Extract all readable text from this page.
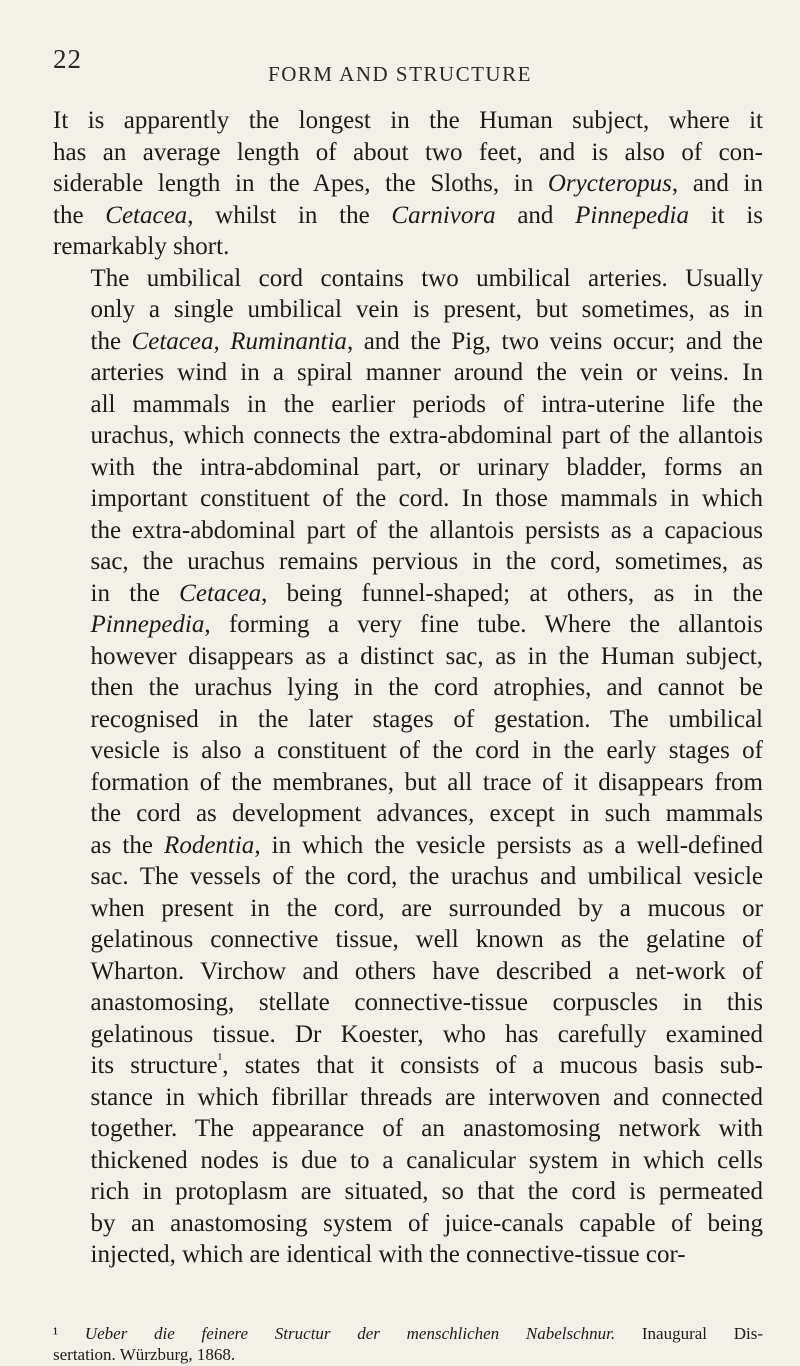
22	FORM AND STRUCTURE

It is apparently the longest in the Human subject, where it
has an average length of about two feet, and is also of con-
siderable length in the Apes, the Sloths, in Orycteropus, and in
the Cetacea, whilst in the Carnivora and Pinnepedia it is
remarkably short.

The umbilical cord contains two umbilical arteries. Usually
only a single umbilical vein is present, but sometimes, as in
the Cetacea, Ruminantia, and the Pig, two veins occur; and the
arteries wind in a spiral manner around the vein or veins. In
all mammals in the earlier periods of intra-uterine life the
urachus, which connects the extra-abdominal part of the allantois
with the intra-abdominal part, or urinary bladder, forms an
important constituent of the cord. In those mammals in which
the extra-abdominal part of the allantois persists as a capacious
sac, the urachus remains pervious in the cord, sometimes, as
in the Cetacea, being funnel-shaped; at others, as in the
Pinnepedia, forming a very fine tube. Where the allantois
however disappears as a distinct sac, as in the Human subject,
then the urachus lying in the cord atrophies, and cannot be
recognised in the later stages of gestation. The umbilical
vesicle is also a constituent of the cord in the early stages of
formation of the membranes, but all trace of it disappears from
the cord as development advances, except in such mammals
as the Rodentia, in which the vesicle persists as a well-defined
sac. The vessels of the cord, the urachus and umbilical vesicle
when present in the cord, are surrounded by a mucous or
gelatinous connective tissue, well known as the gelatine of
Wharton. Virchow and others have described a net-work of
anastomosing, stellate connective-tissue corpuscles in this
gelatinous tissue. Dr Koester, who has carefully examined
its structure$^{^1}$, states that it consists of a mucous basis sub-
stance in which fibrillar threads are interwoven and connected
together. The appearance of an anastomosing network with
thickened nodes is due to a canalicular system in which cells
rich in protoplasm are situated, so that the cord is permeated
by an anastomosing system of juice-canals capable of being
injected, which are identical with the connective-tissue cor-

¹ Ueber die feinere Structur der menschlichen Nabelschnur. Inaugural Dis-
sertation. Würzburg, 1868.
